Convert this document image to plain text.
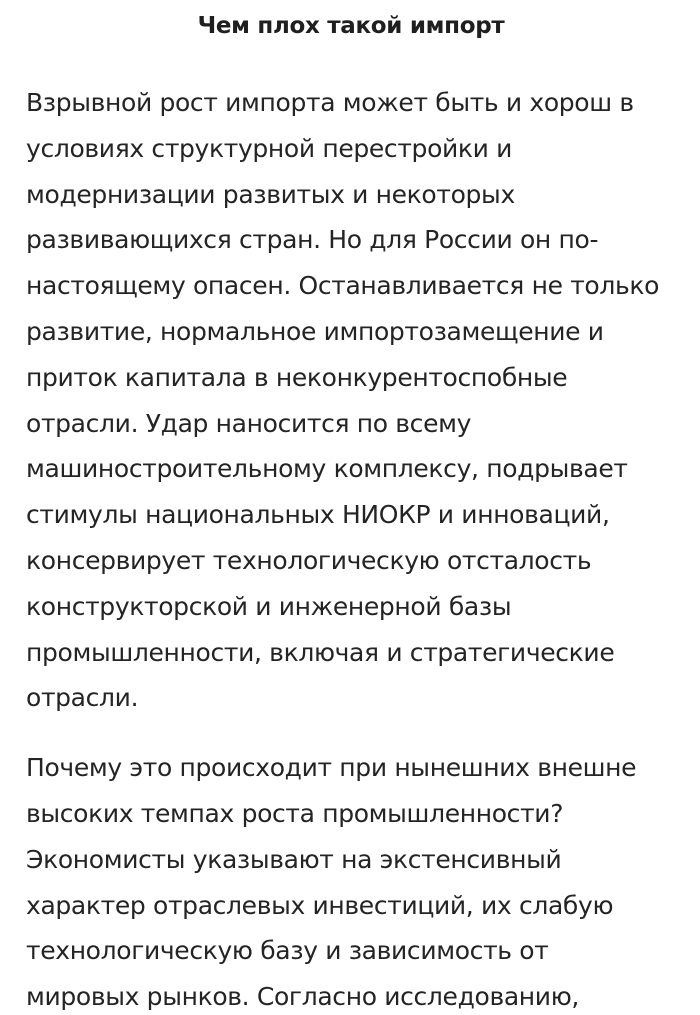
Чем плох такой импорт

Взрывной рост импорта может быть и хорош в
условиях структурной перестройки и
модернизации развитых и некоторых
развивающихся стран. Но для России он по-
настоящему опасен. Останавливается не только
развитие, нормальное импортозамещение и
приток капитала в неконкурентоспобные
отрасли. Удар наносится по всему
машиностроительному комплексу, подрывает
стимулы национальных НИОКР и инноваций,
консервирует технологическую отсталость
конструкторской и инженерной базы
промышленности, включая и стратегические
отрасли.

Почему это происходит при нынешних внешне
высоких темпах роста промышленности?
Экономисты указывают на экстенсивный
характер отраслевых инвестиций, их слабую
технологическую базу и зависимость от
мировых рынков. Согласно исследованию,
